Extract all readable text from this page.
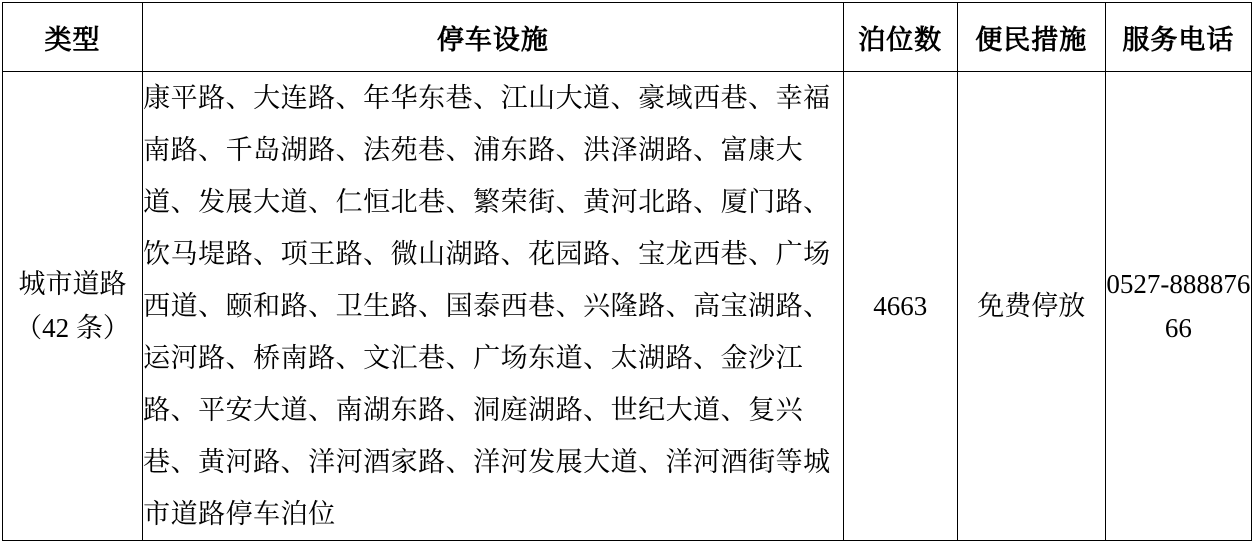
类型	停车设施	泊位数	便民措施	服务电话

城市道路
（42 条）	康平路、大连路、年华东巷、江山大道、豪域西巷、幸福南路、千岛湖路、法苑巷、浦东路、洪泽湖路、富康大道、发展大道、仁恒北巷、繁荣街、黄河北路、厦门路、饮马堤路、项王路、微山湖路、花园路、宝龙西巷、广场西道、颐和路、卫生路、国泰西巷、兴隆路、高宝湖路、运河路、桥南路、文汇巷、广场东道、太湖路、金沙江路、平安大道、南湖东路、洞庭湖路、世纪大道、复兴巷、黄河路、洋河酒家路、洋河发展大道、洋河酒街等城市道路停车泊位	4663	免费停放	0527-88887666
